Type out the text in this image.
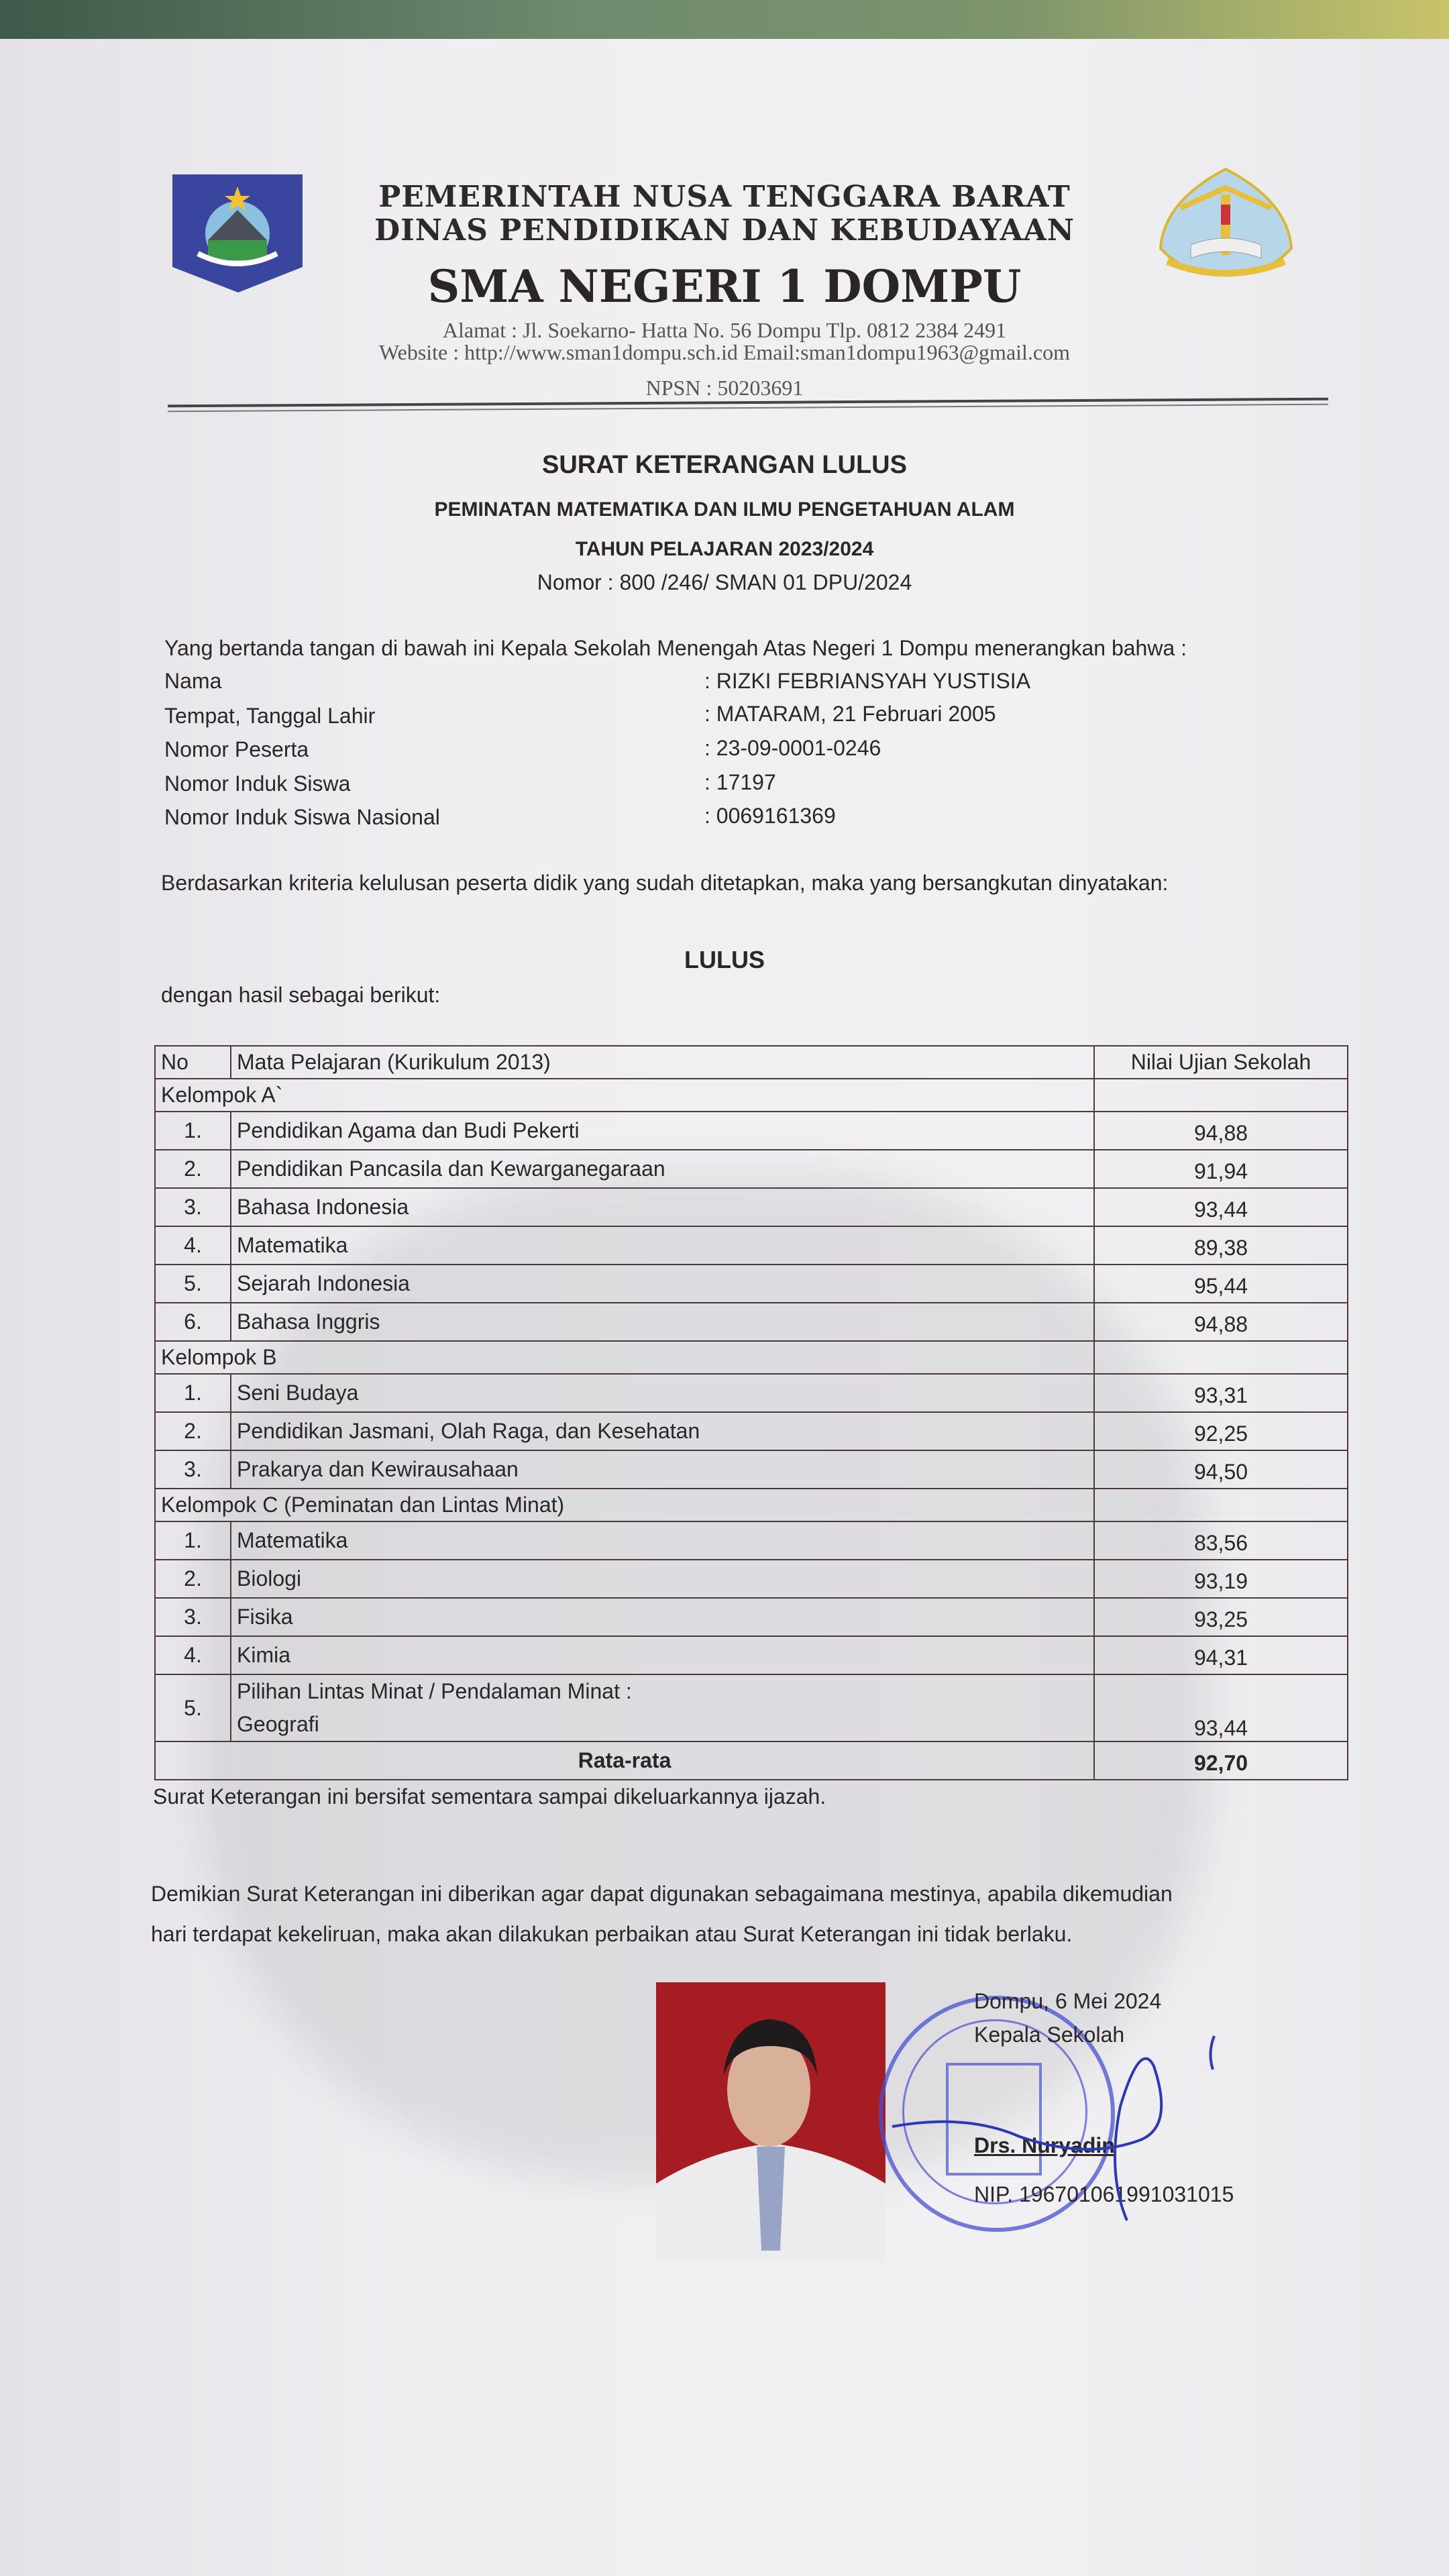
PEMERINTAH NUSA TENGGARA BARAT
DINAS PENDIDIKAN DAN KEBUDAYAAN
SMA NEGERI 1 DOMPU
Alamat : Jl. Soekarno- Hatta No. 56 Dompu Tlp. 0812 2384 2491
Website : http://www.sman1dompu.sch.id Email:sman1dompu1963@gmail.com
NPSN : 50203691
SURAT KETERANGAN LULUS
PEMINATAN MATEMATIKA DAN ILMU PENGETAHUAN ALAM
TAHUN PELAJARAN 2023/2024
Nomor : 800 /246/ SMAN 01 DPU/2024
Yang bertanda tangan di bawah ini Kepala Sekolah Menengah Atas Negeri 1 Dompu menerangkan bahwa :
Nama	: RIZKI FEBRIANSYAH YUSTISIA
Tempat, Tanggal Lahir	: MATARAM, 21 Februari 2005
Nomor Peserta	: 23-09-0001-0246
Nomor Induk Siswa	: 17197
Nomor Induk Siswa Nasional	: 0069161369
Berdasarkan kriteria kelulusan peserta didik yang sudah ditetapkan, maka yang bersangkutan dinyatakan:
LULUS
dengan hasil sebagai berikut:
No	Mata Pelajaran (Kurikulum 2013)	Nilai Ujian Sekolah
Kelompok A`		
1.	Pendidikan Agama dan Budi Pekerti	94,88
2.	Pendidikan Pancasila dan Kewarganegaraan	91,94
3.	Bahasa Indonesia	93,44
4.	Matematika	89,38
5.	Sejarah Indonesia	95,44
6.	Bahasa Inggris	94,88
Kelompok B		
1.	Seni Budaya	93,31
2.	Pendidikan Jasmani, Olah Raga, dan Kesehatan	92,25
3.	Prakarya dan Kewirausahaan	94,50
Kelompok C (Peminatan dan Lintas Minat)		
1.	Matematika	83,56
2.	Biologi	93,19
3.	Fisika	93,25
4.	Kimia	94,31
5.	Pilihan Lintas Minat / Pendalaman Minat :
Geografi	93,44
Rata-rata		92,70
Surat Keterangan ini bersifat sementara sampai dikeluarkannya ijazah.
Demikian Surat Keterangan ini diberikan agar dapat digunakan sebagaimana mestinya, apabila dikemudian
hari terdapat kekeliruan, maka akan dilakukan perbaikan atau Surat Keterangan ini tidak berlaku.
Dompu, 6 Mei 2024
Kepala Sekolah
Drs. Nuryadin
NIP. 196701061991031015
